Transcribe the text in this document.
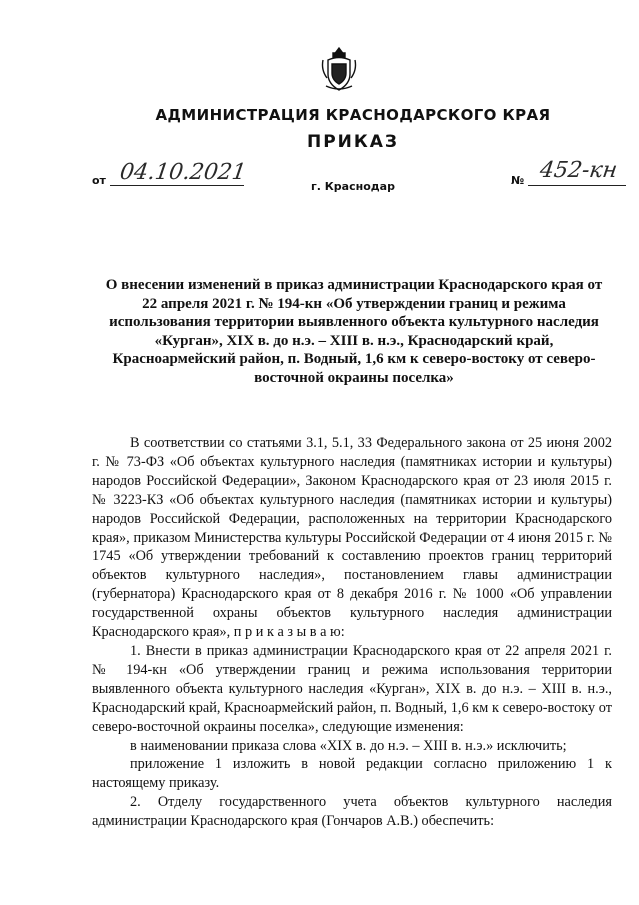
АДМИНИСТРАЦИЯ КРАСНОДАРСКОГО КРАЯ
ПРИКАЗ
от 04.10.2021
г. Краснодар	№ 452-кн
О внесении изменений в приказ администрации Краснодарского края от 22 апреля 2021 г. № 194-кн «Об утверждении границ и режима использования территории выявленного объекта культурного наследия «Курган», XIX в. до н.э. – XIII в. н.э., Краснодарский край, Красноармейский район, п. Водный, 1,6 км к северо-востоку от северо-восточной окраины поселка»

В соответствии со статьями 3.1, 5.1, 33 Федерального закона от 25 июня 2002 г. № 73-ФЗ «Об объектах культурного наследия (памятниках истории и культуры) народов Российской Федерации», Законом Краснодарского края от 23 июля 2015 г. № 3223-КЗ «Об объектах культурного наследия (памятниках истории и культуры) народов Российской Федерации, расположенных на территории Краснодарского края», приказом Министерства культуры Российской Федерации от 4 июня 2015 г. № 1745 «Об утверждении требований к составлению проектов границ территорий объектов культурного наследия», постановлением главы администрации (губернатора) Краснодарского края от 8 декабря 2016 г. № 1000 «Об управлении государственной охраны объектов культурного наследия администрации Краснодарского края», п р и к а з ы в а ю:

1. Внести в приказ администрации Краснодарского края от 22 апреля 2021 г. № 194-кн «Об утверждении границ и режима использования территории выявленного объекта культурного наследия «Курган», XIX в. до н.э. – XIII в. н.э., Краснодарский край, Красноармейский район, п. Водный, 1,6 км к северо-востоку от северо-восточной окраины поселка», следующие изменения:

в наименовании приказа слова «XIX в. до н.э. – XIII в. н.э.» исключить;

приложение 1 изложить в новой редакции согласно приложению 1 к настоящему приказу.

2. Отделу государственного учета объектов культурного наследия администрации Краснодарского края (Гончаров А.В.) обеспечить:
